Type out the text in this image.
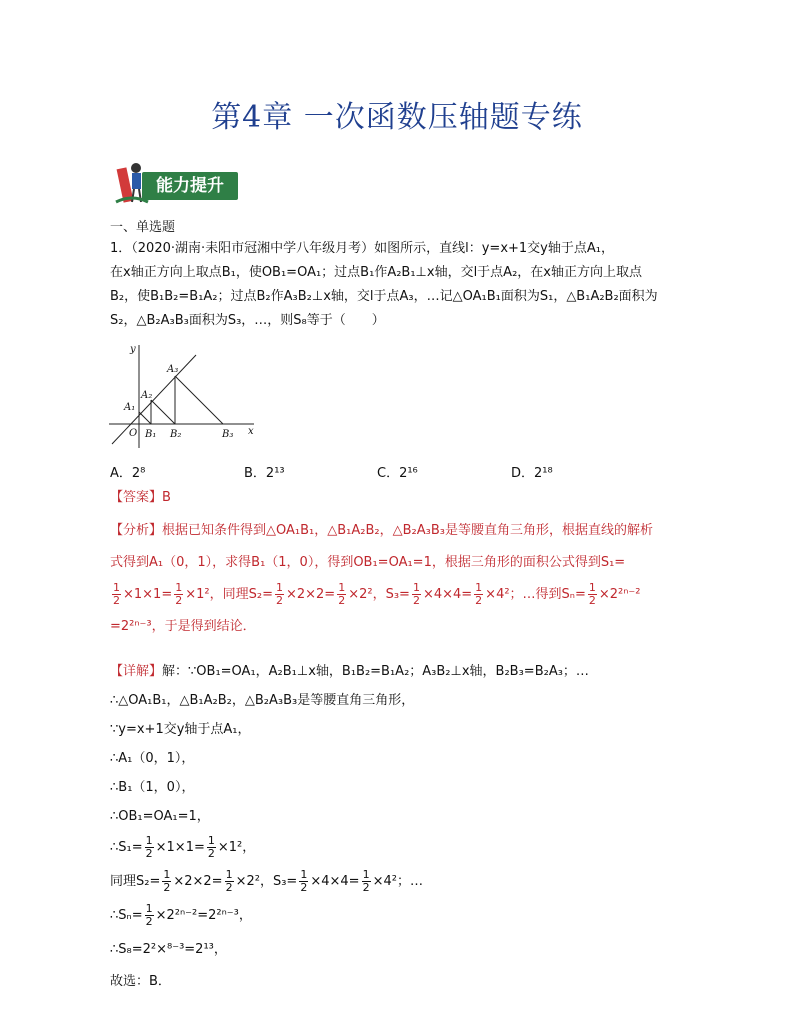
第4章 一次函数压轴题专练
能力提升
一、单选题
1．（2020·湖南·耒阳市冠湘中学八年级月考）如图所示，直线l：y=x+1交y轴于点A₁，
在x轴正方向上取点B₁，使OB₁=OA₁；过点B₁作A₂B₁⊥x轴，交l于点A₂，在x轴正方向上取点
B₂，使B₁B₂=B₁A₂；过点B₂作A₃B₂⊥x轴，交l于点A₃，…记△OA₁B₁面积为S₁，△B₁A₂B₂面积为
S₂，△B₂A₃B₃面积为S₃，…，则S₈等于（　　）
y
x
O
A₁
A₂
A₃
B₁ B₂	B₃
A．2⁸	B．2¹³	C．2¹⁶	D．2¹⁸
【答案】B
【分析】根据已知条件得到△OA₁B₁，△B₁A₂B₂，△B₂A₃B₃是等腰直角三角形，根据直线的解析
式得到A₁（0，1），求得B₁（1，0），得到OB₁=OA₁=1，根据三角形的面积公式得到S₁=
$\frac{1}{2} \times 1\times 1= \frac{1}{2} \times 1^2$，同理$S_2= \frac{1}{2} \times 2\times 2= \frac{1}{2} \times 2^2$，$S_3= \frac{1}{2} \times 4\times 4= \frac{1}{2} \times 4^2$；…得到$S_n= \frac{1}{2} \times 2^{2n-2}$
=2²ⁿ⁻³，于是得到结论．
【详解】解：∵OB₁=OA₁，A₂B₁⊥x轴，B₁B₂=B₁A₂；A₃B₂⊥x轴，B₂B₃=B₂A₃；…
∴△OA₁B₁，△B₁A₂B₂，△B₂A₃B₃是等腰直角三角形，
∵y=x+1交y轴于点A₁，
∴A₁（0，1），
∴B₁（1，0），
∴OB₁=OA₁=1，
∴S₁= $\frac{1}{2} \times 1\times 1= \frac{1}{2} \times 1^2$，
同理$S_2= \frac{1}{2} \times 2\times 2= \frac{1}{2} \times 2^2$，$S_3= \frac{1}{2} \times 4\times 4= \frac{1}{2} \times 4^2$；…
∴Sₙ= $\frac{1}{2} \times 2^{2n-2}=2^{2n-3}$，
∴S₈=2²×⁸⁻³=2¹³，
故选：B．
